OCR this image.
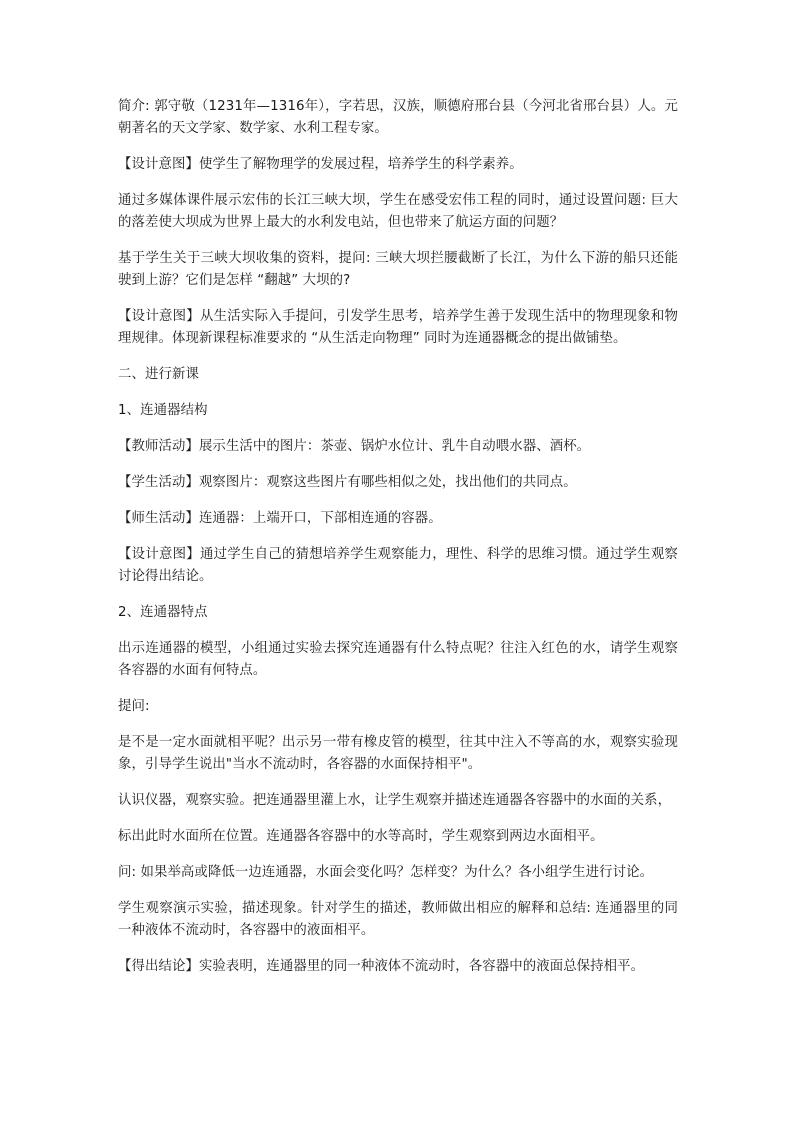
简介: 郭守敬（1231年—1316年），字若思，汉族，顺德府邢台县（今河北省邢台县）人。元朝著名的天文学家、数学家、水利工程专家。

【设计意图】使学生了解物理学的发展过程，培养学生的科学素养。

通过多媒体课件展示宏伟的长江三峡大坝，学生在感受宏伟工程的同时，通过设置问题: 巨大的落差使大坝成为世界上最大的水利发电站，但也带来了航运方面的问题？

基于学生关于三峡大坝收集的资料，提问: 三峡大坝拦腰截断了长江，为什么下游的船只还能驶到上游？它们是怎样 “翻越” 大坝的?

【设计意图】从生活实际入手提问，引发学生思考，培养学生善于发现生活中的物理现象和物理规律。体现新课程标准要求的 “从生活走向物理” 同时为连通器概念的提出做铺垫。

二、进行新课

1、连通器结构

【教师活动】展示生活中的图片：茶壶、锅炉水位计、乳牛自动喂水器、酒杯。

【学生活动】观察图片：观察这些图片有哪些相似之处，找出他们的共同点。

【师生活动】连通器：上端开口，下部相连通的容器。

【设计意图】通过学生自己的猜想培养学生观察能力，理性、科学的思维习惯。通过学生观察讨论得出结论。

2、连通器特点

出示连通器的模型，小组通过实验去探究连通器有什么特点呢？往注入红色的水，请学生观察各容器的水面有何特点。

提问:

是不是一定水面就相平呢？出示另一带有橡皮管的模型，往其中注入不等高的水，观察实验现象，引导学生说出"当水不流动时，各容器的水面保持相平"。

认识仪器，观察实验。把连通器里灌上水，让学生观察并描述连通器各容器中的水面的关系，

标出此时水面所在位置。连通器各容器中的水等高时，学生观察到两边水面相平。

问: 如果举高或降低一边连通器，水面会变化吗？怎样变？为什么？各小组学生进行讨论。

学生观察演示实验，描述现象。针对学生的描述，教师做出相应的解释和总结: 连通器里的同一种液体不流动时，各容器中的液面相平。

【得出结论】实验表明，连通器里的同一种液体不流动时，各容器中的液面总保持相平。
